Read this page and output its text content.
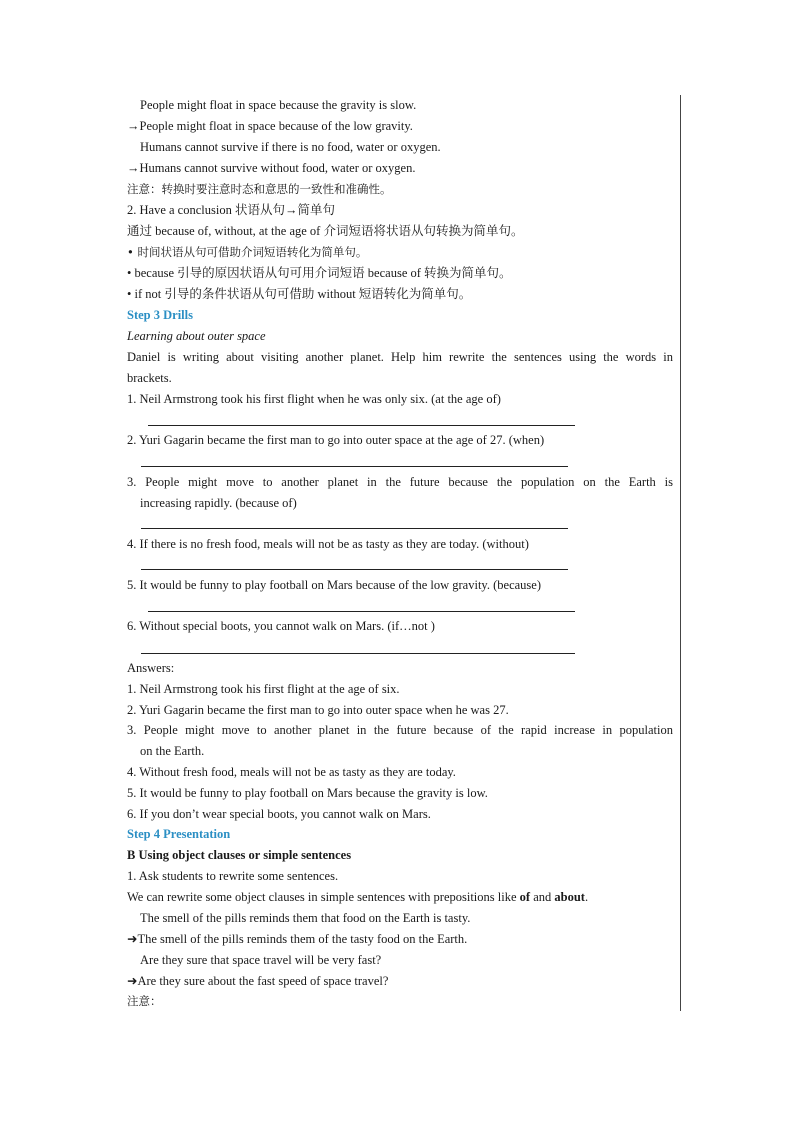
People might float in space because the gravity is slow.
→People might float in space because of the low gravity.
Humans cannot survive if there is no food, water or oxygen.
→Humans cannot survive without food, water or oxygen.
注意：转换时要注意时态和意思的一致性和准确性。
2. Have a conclusion 状语从句→简单句
通过 because of, without, at the age of 介词短语将状语从句转换为简单句。
• 时间状语从句可借助介词短语转化为简单句。
• because 引导的原因状语从句可用介词短语 because of 转换为简单句。
• if not 引导的条件状语从句可借助 without 短语转化为简单句。
Step 3 Drills
Learning about outer space
Daniel is writing about visiting another planet. Help him rewrite the sentences using the words in
brackets.
1. Neil Armstrong took his first flight when he was only six. (at the age of)
2. Yuri Gagarin became the first man to go into outer space at the age of 27. (when)
3. People might move to another planet in the future because the population on the Earth is
increasing rapidly. (because of)
4. If there is no fresh food, meals will not be as tasty as they are today. (without)
5. It would be funny to play football on Mars because of the low gravity. (because)
6. Without special boots, you cannot walk on Mars. (if…not )
Answers:
1. Neil Armstrong took his first flight at the age of six.
2. Yuri Gagarin became the first man to go into outer space when he was 27.
3. People might move to another planet in the future because of the rapid increase in population
on the Earth.
4. Without fresh food, meals will not be as tasty as they are today.
5. It would be funny to play football on Mars because the gravity is low.
6. If you don’t wear special boots, you cannot walk on Mars.
Step 4 Presentation
B Using object clauses or simple sentences
1. Ask students to rewrite some sentences.
We can rewrite some object clauses in simple sentences with prepositions like of and about.
The smell of the pills reminds them that food on the Earth is tasty.
➜The smell of the pills reminds them of the tasty food on the Earth.
Are they sure that space travel will be very fast?
➜Are they sure about the fast speed of space travel?
注意：
